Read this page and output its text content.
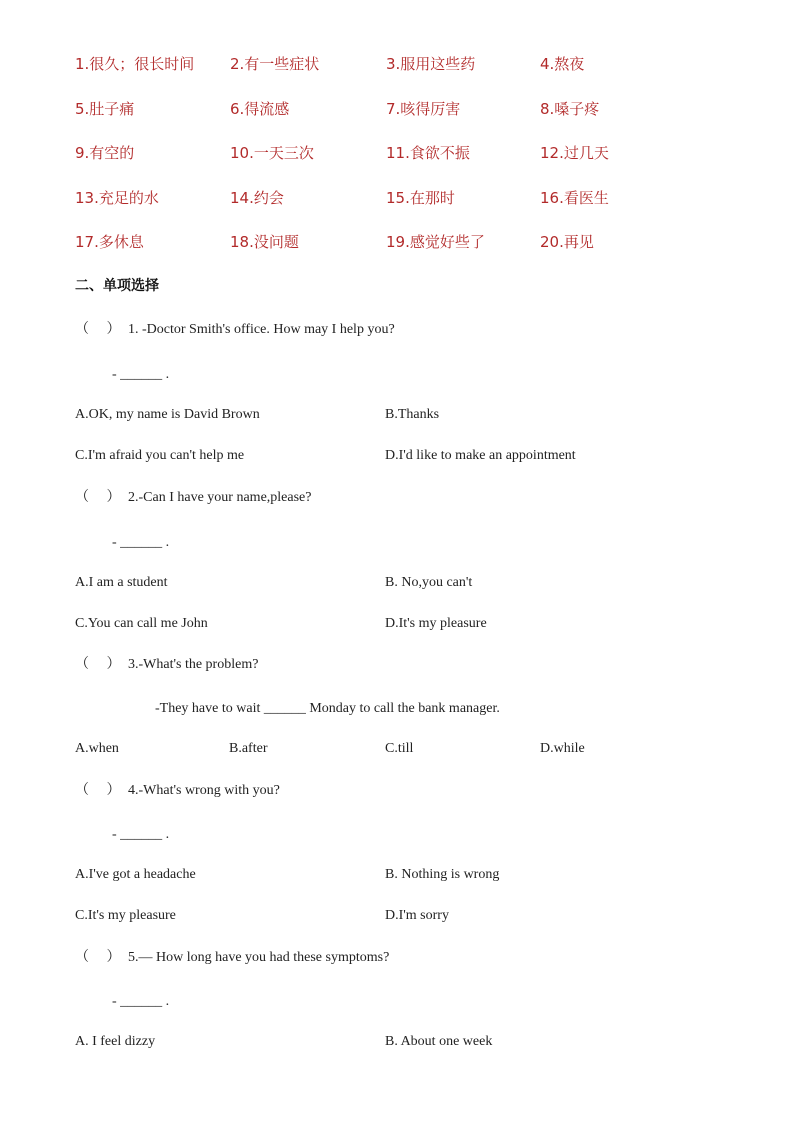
1.很久；很长时间 2.有一些症状	3.服用这些药	4.熬夜
5.肚子痛	6.得流感	7.咳得厉害	8.嗓子疼
9.有空的	10.一天三次	11.食欲不振	12.过几天
13.充足的水	14.约会	15.在那时	16.看医生
17.多休息	18.没问题	19.感觉好些了	20.再见
二、单项选择
（　 ） 1. -Doctor Smith's office. How may I help you?
- ______ .
A.OK, my name is David Brown	B.Thanks
C.I'm afraid you can't help me	D.I'd like to make an appointment
（　 ） 2.-Can I have your name,please?
- ______ .
A.I am a student	B. No,you can't
C.You can call me John	D.It's my pleasure
（　 ） 3.-What's the problem?
-They have to wait ______ Monday to call the bank manager.
A.when	B.after	C.till	D.while
（　 ） 4.-What's wrong with you?
- ______ .
A.I've got a headache	B. Nothing is wrong
C.It's my pleasure	D.I'm sorry
（　 ） 5.— How long have you had these symptoms?
- ______ .
A. I feel dizzy	B. About one week
